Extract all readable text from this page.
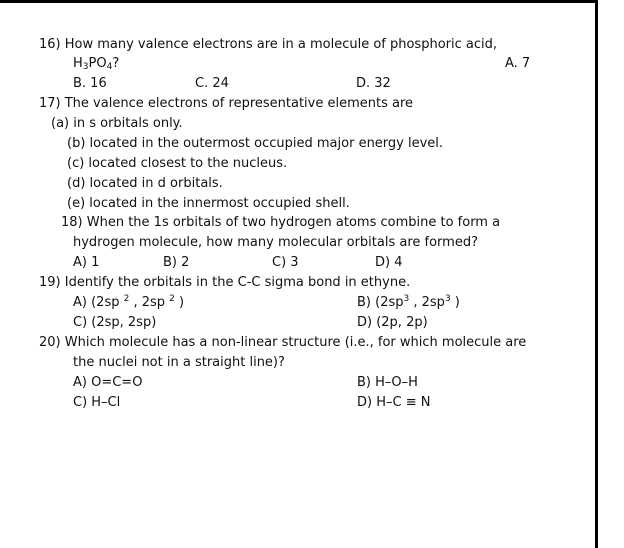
16) How many valence electrons are in a molecule of phosphoric acid,
$H_3PO_4$?	A. 7
B. 16	C. 24	D. 32
17) The valence electrons of representative elements are
(a) in s orbitals only.
(b) located in the outermost occupied major energy level.
(c) located closest to the nucleus.
(d) located in d orbitals.
(e) located in the innermost occupied shell.
18) When the 1s orbitals of two hydrogen atoms combine to form a
hydrogen molecule, how many molecular orbitals are formed?
A) 1	B) 2	C) 3	D) 4
19) Identify the orbitals in the C-C sigma bond in ethyne.
A) (2sp $^2$ , 2sp $^2$ )	B) ($2sp^3$ , $2sp^3$ )
C) (2sp, 2sp)	D) (2p, 2p)
20) Which molecule has a non-linear structure (i.e., for which molecule are
the nuclei not in a straight line)?
A) O=C=O	B) H–O–H
C) H–Cl	D) H–C ≡ N
